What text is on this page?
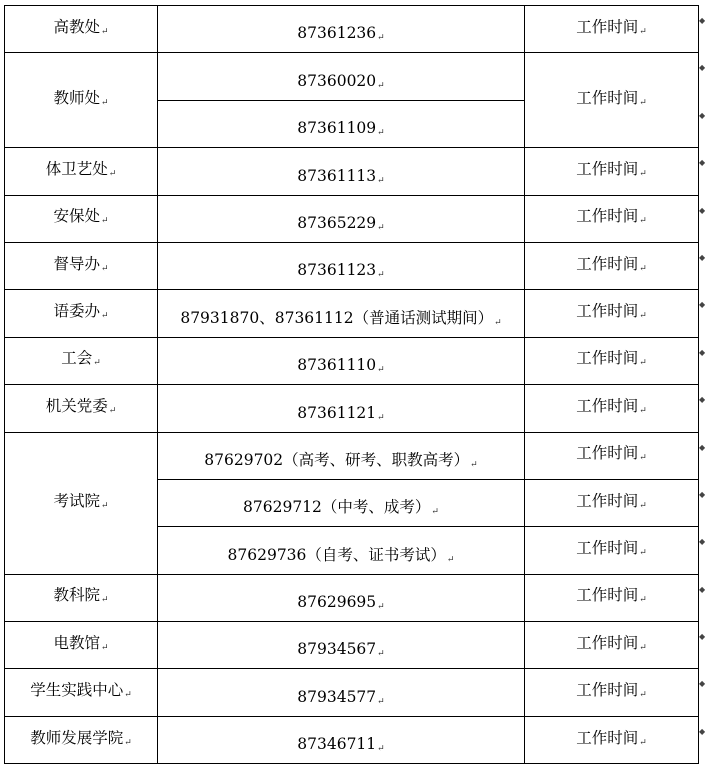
高教处↵	87361236↵	工作时间↵
教师处↵	87360020↵	工作时间↵
	87361109↵	
体卫艺处↵	87361113↵	工作时间↵
安保处↵	87365229↵	工作时间↵
督导办↵	87361123↵	工作时间↵
语委办↵	87931870、87361112（普通话测试期间）↵	工作时间↵
工会↵	87361110↵	工作时间↵
机关党委↵	87361121↵	工作时间↵
考试院↵	87629702（高考、研考、职教高考）↵	工作时间↵
	87629712（中考、成考）↵	工作时间↵
	87629736（自考、证书考试）↵	工作时间↵
教科院↵	87629695↵	工作时间↵
电教馆↵	87934567↵	工作时间↵
学生实践中心↵	87934577↵	工作时间↵
教师发展学院↵	87346711↵	工作时间↵
◆
◆
◆
◆
◆
◆
◆
◆
◆
◆
◆
◆
◆
◆
◆
◆
